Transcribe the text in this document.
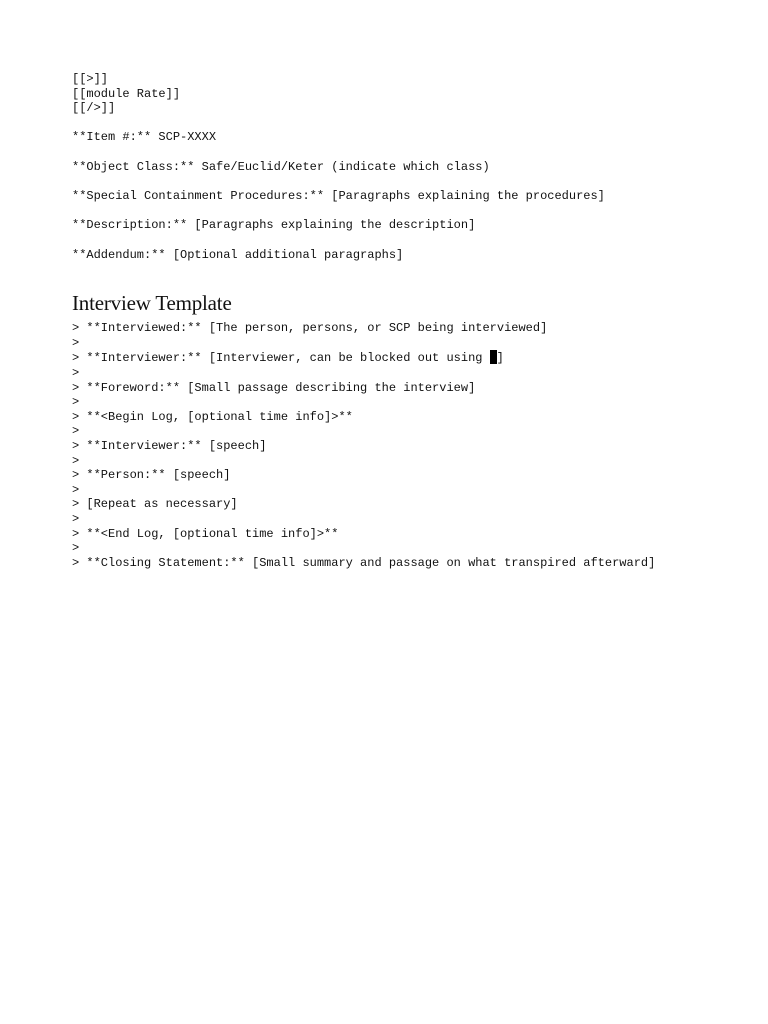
[[>]]

[[module Rate]]

[[/>]]

**Item #:** SCP-XXXX

**Object Class:** Safe/Euclid/Keter (indicate which class)

**Special Containment Procedures:** [Paragraphs explaining the procedures]

**Description:** [Paragraphs explaining the description]

**Addendum:** [Optional additional paragraphs]

Interview Template

> **Interviewed:** [The person, persons, or SCP being interviewed]

>

> **Interviewer:** [Interviewer, can be blocked out using ]

>

> **Foreword:** [Small passage describing the interview]

>

> **<Begin Log, [optional time info]>**

>

> **Interviewer:** [speech]

>

> **Person:** [speech]

>

> [Repeat as necessary]

>

> **<End Log, [optional time info]>**

>

> **Closing Statement:** [Small summary and passage on what transpired afterward]
